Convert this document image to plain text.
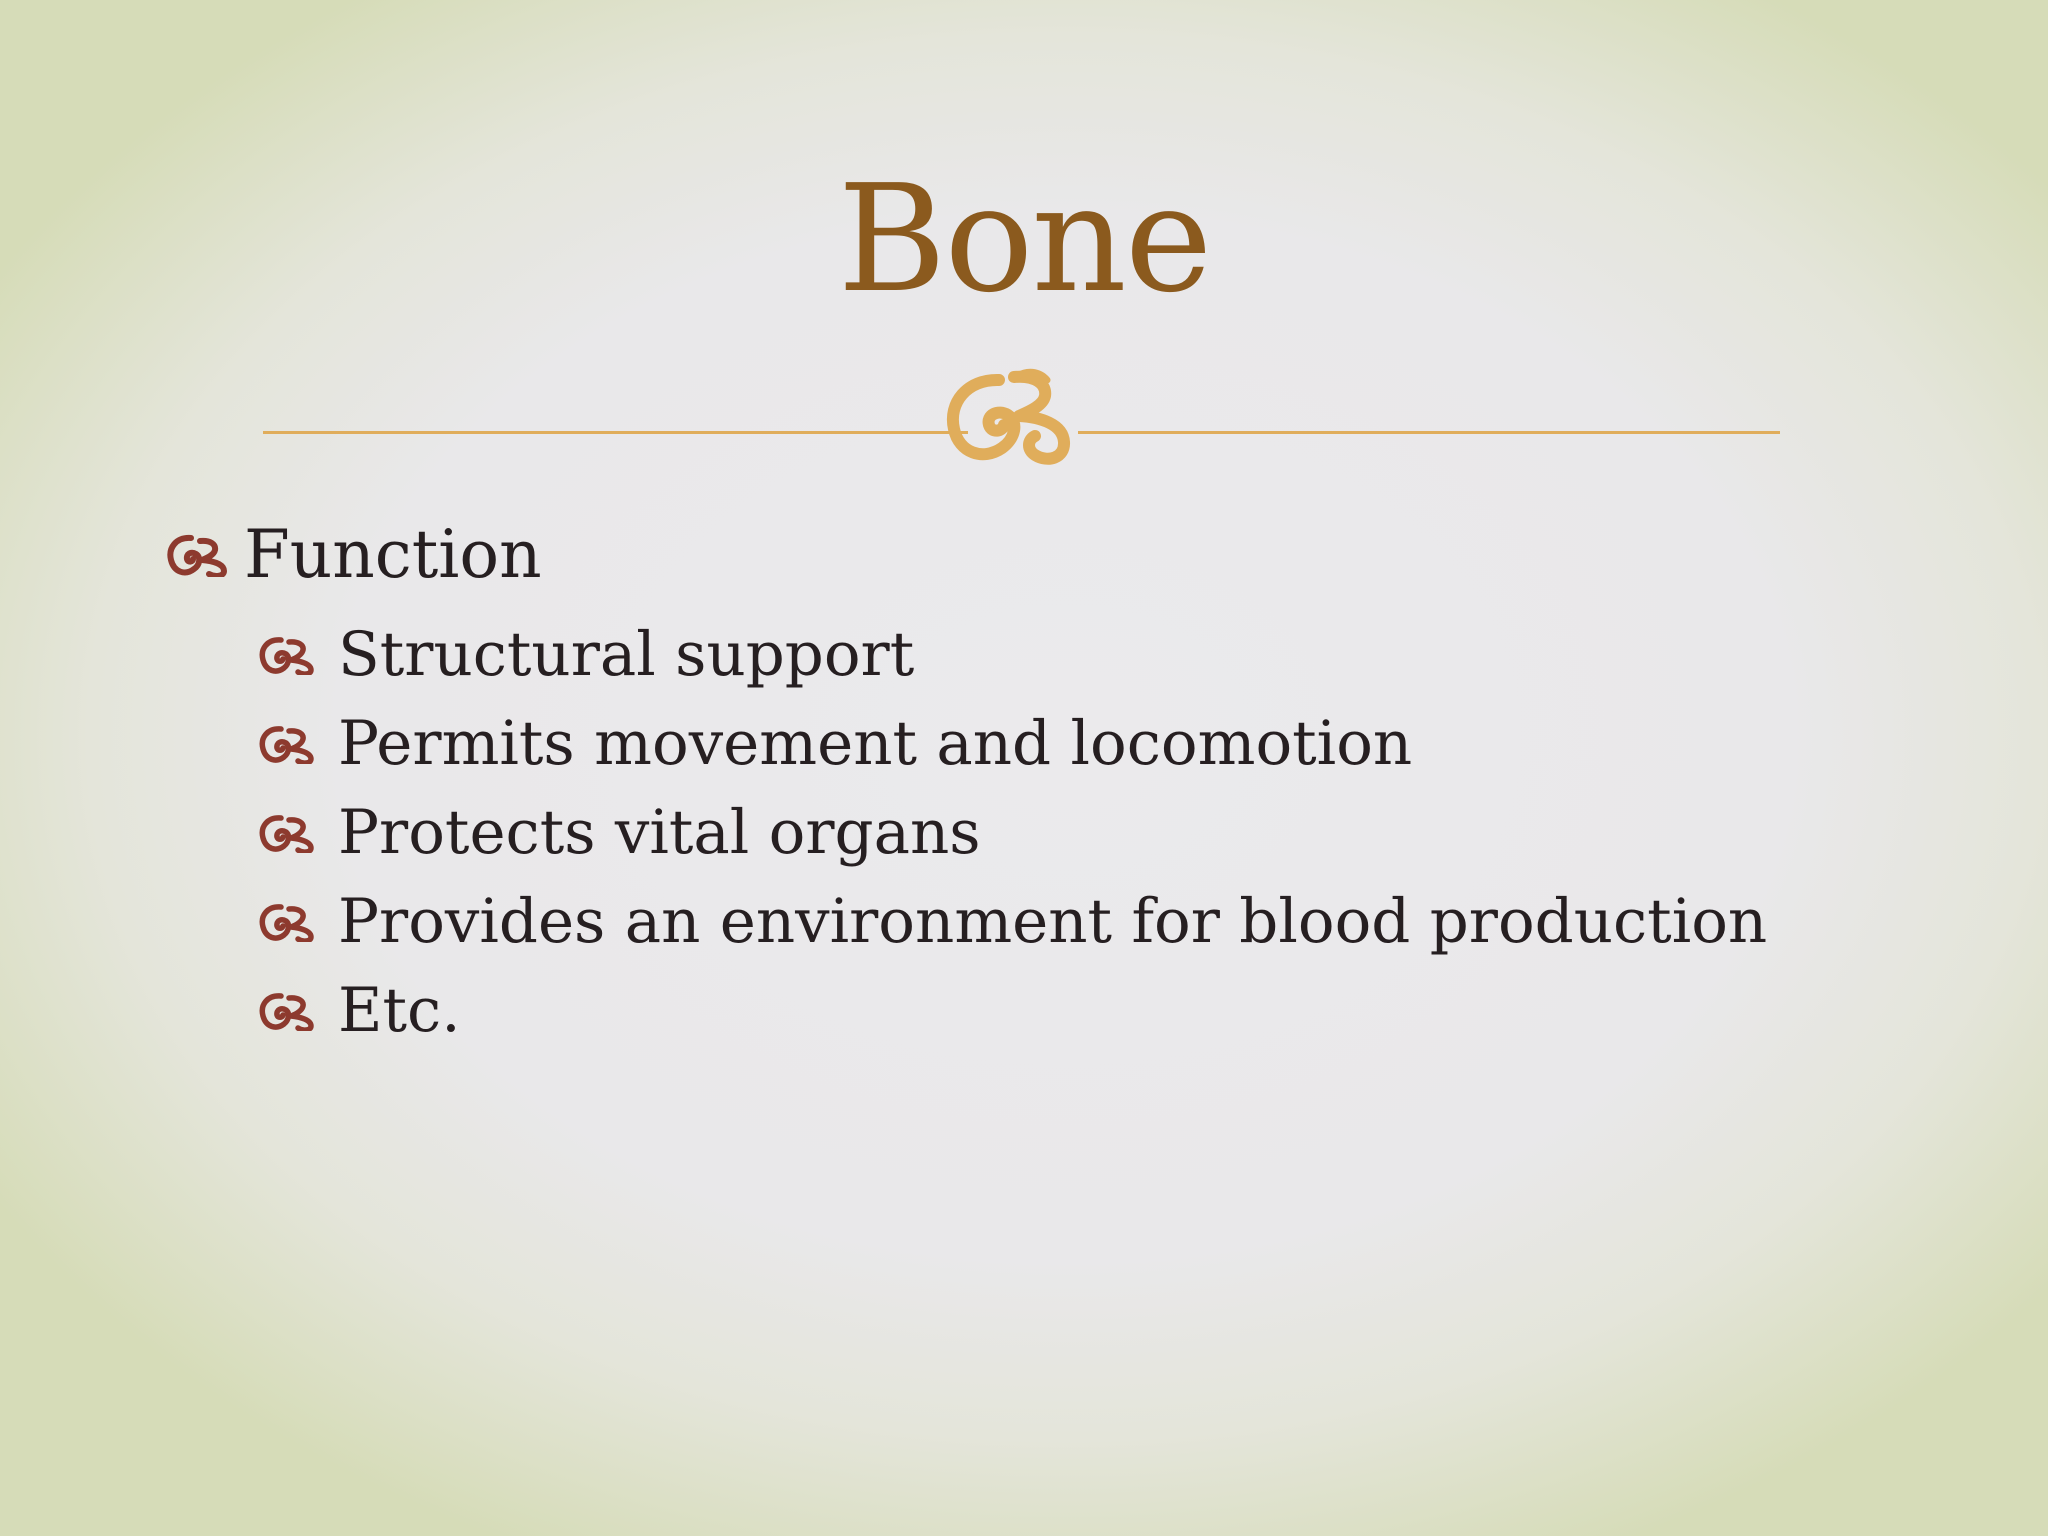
Bone
Function
Structural support
Permits movement and locomotion
Protects vital organs
Provides an environment for blood production
Etc.
